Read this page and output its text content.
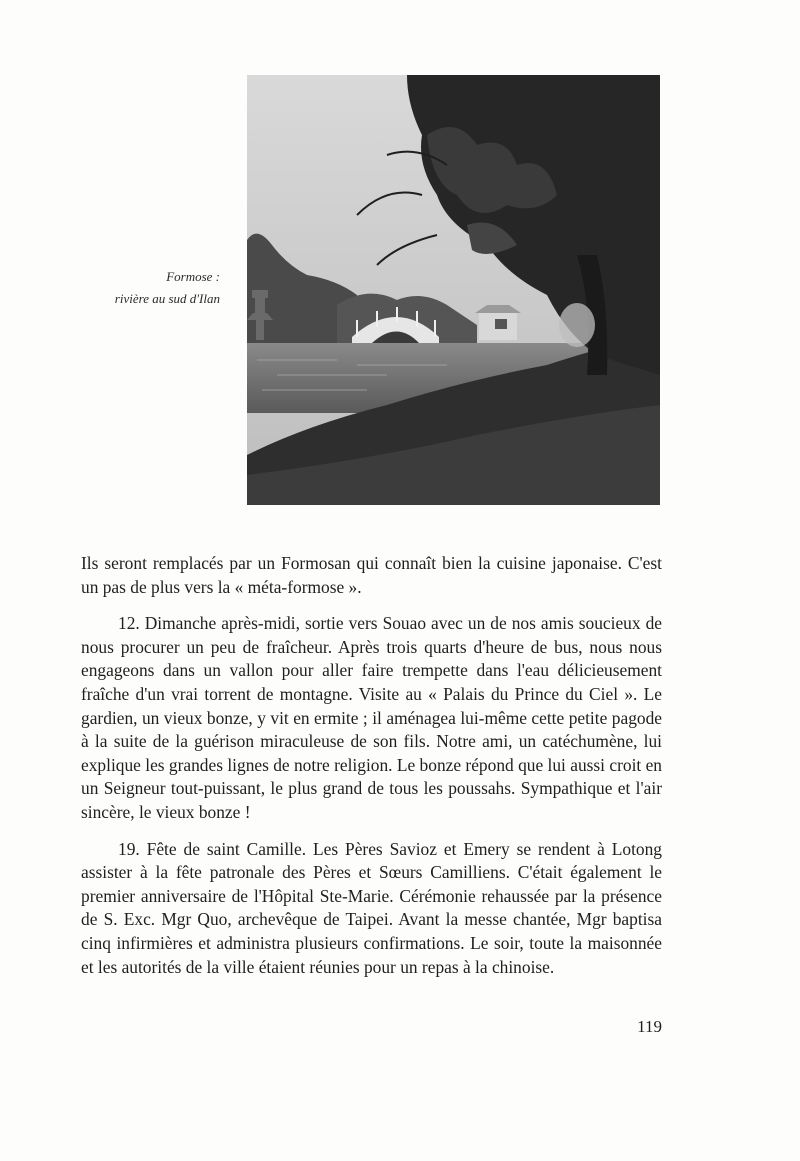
Formose :
rivière au sud d'Ilan

Ils seront remplacés par un Formosan qui connaît bien la cuisine japonaise. C'est un pas de plus vers la « méta-formose ».

12. Dimanche après-midi, sortie vers Souao avec un de nos amis soucieux de nous procurer un peu de fraîcheur. Après trois quarts d'heure de bus, nous nous engageons dans un vallon pour aller faire trempette dans l'eau délicieusement fraîche d'un vrai torrent de montagne. Visite au « Palais du Prince du Ciel ». Le gardien, un vieux bonze, y vit en ermite ; il aménagea lui-même cette petite pagode à la suite de la guérison miraculeuse de son fils. Notre ami, un catéchumène, lui explique les grandes lignes de notre religion. Le bonze répond que lui aussi croit en un Seigneur tout-puissant, le plus grand de tous les poussahs. Sympathique et l'air sincère, le vieux bonze !

19. Fête de saint Camille. Les Pères Savioz et Emery se rendent à Lotong assister à la fête patronale des Pères et Sœurs Camilliens. C'était également le premier anniversaire de l'Hôpital Ste-Marie. Cérémonie rehaussée par la présence de S. Exc. Mgr Quo, archevêque de Taipei. Avant la messe chantée, Mgr baptisa cinq infirmières et administra plusieurs confirmations. Le soir, toute la maisonnée et les autorités de la ville étaient réunies pour un repas à la chinoise.

119
